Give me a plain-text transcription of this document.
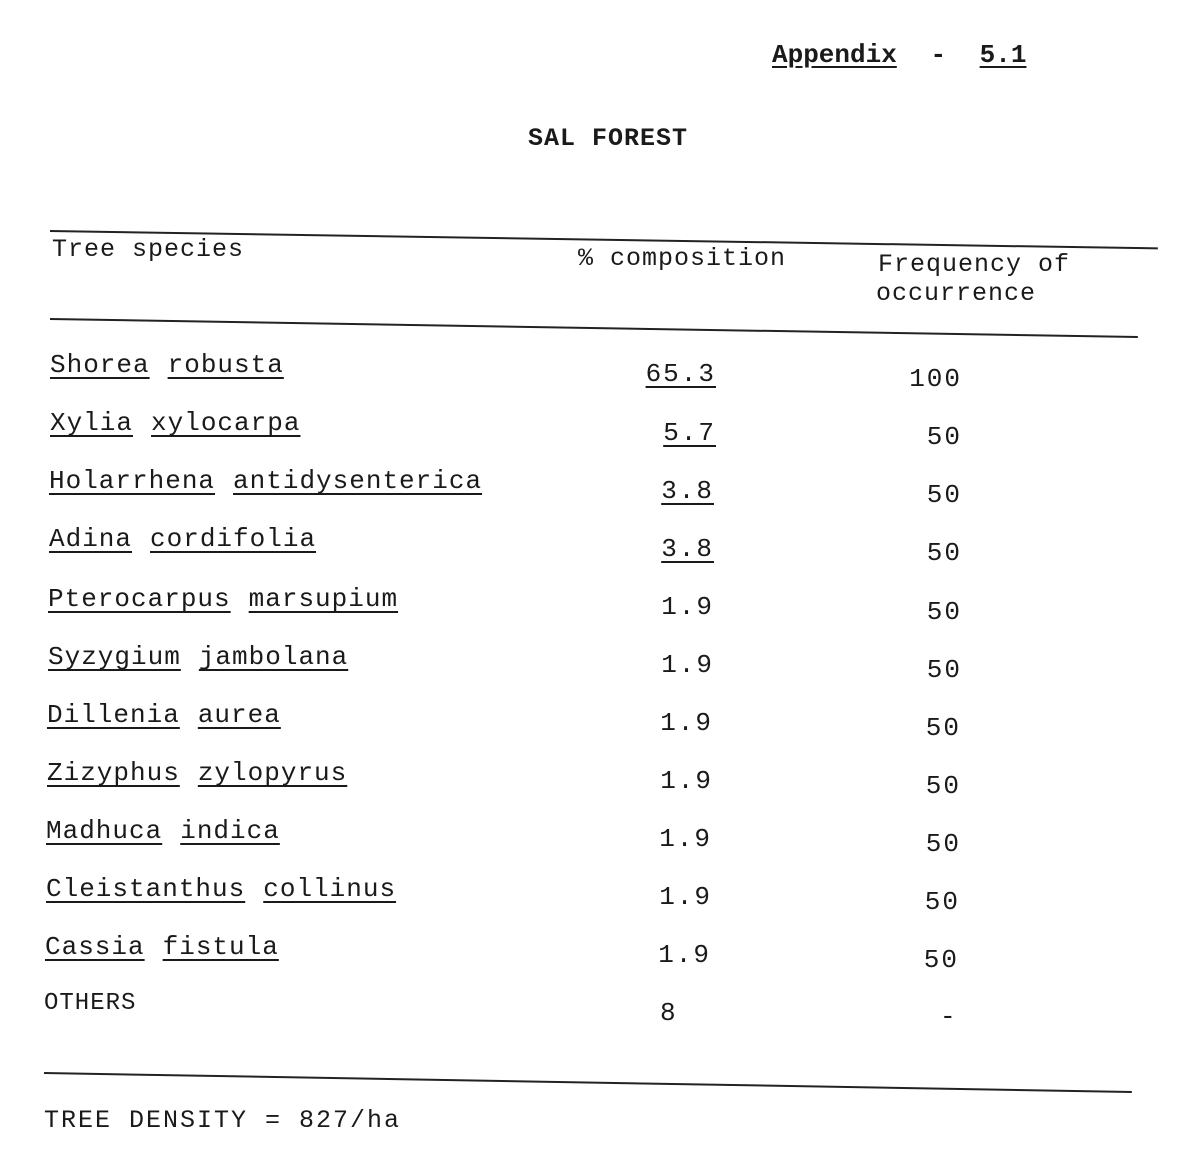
Appendix - 5.1
SAL FOREST
Tree species	% composition	Frequency of
occurrence
Shorea robusta	65.3	100
Xylia xylocarpa	5.7	50
Holarrhena antidysenterica	3.8	50
Adina cordifolia	3.8	50
Pterocarpus marsupium	1.9	50
Syzygium jambolana	1.9	50
Dillenia aurea	1.9	50
Zizyphus zylopyrus	1.9	50
Madhuca indica	1.9	50
Cleistanthus collinus	1.9	50
Cassia fistula	1.9	50
OTHERS	8	-
TREE DENSITY = 827/ha
